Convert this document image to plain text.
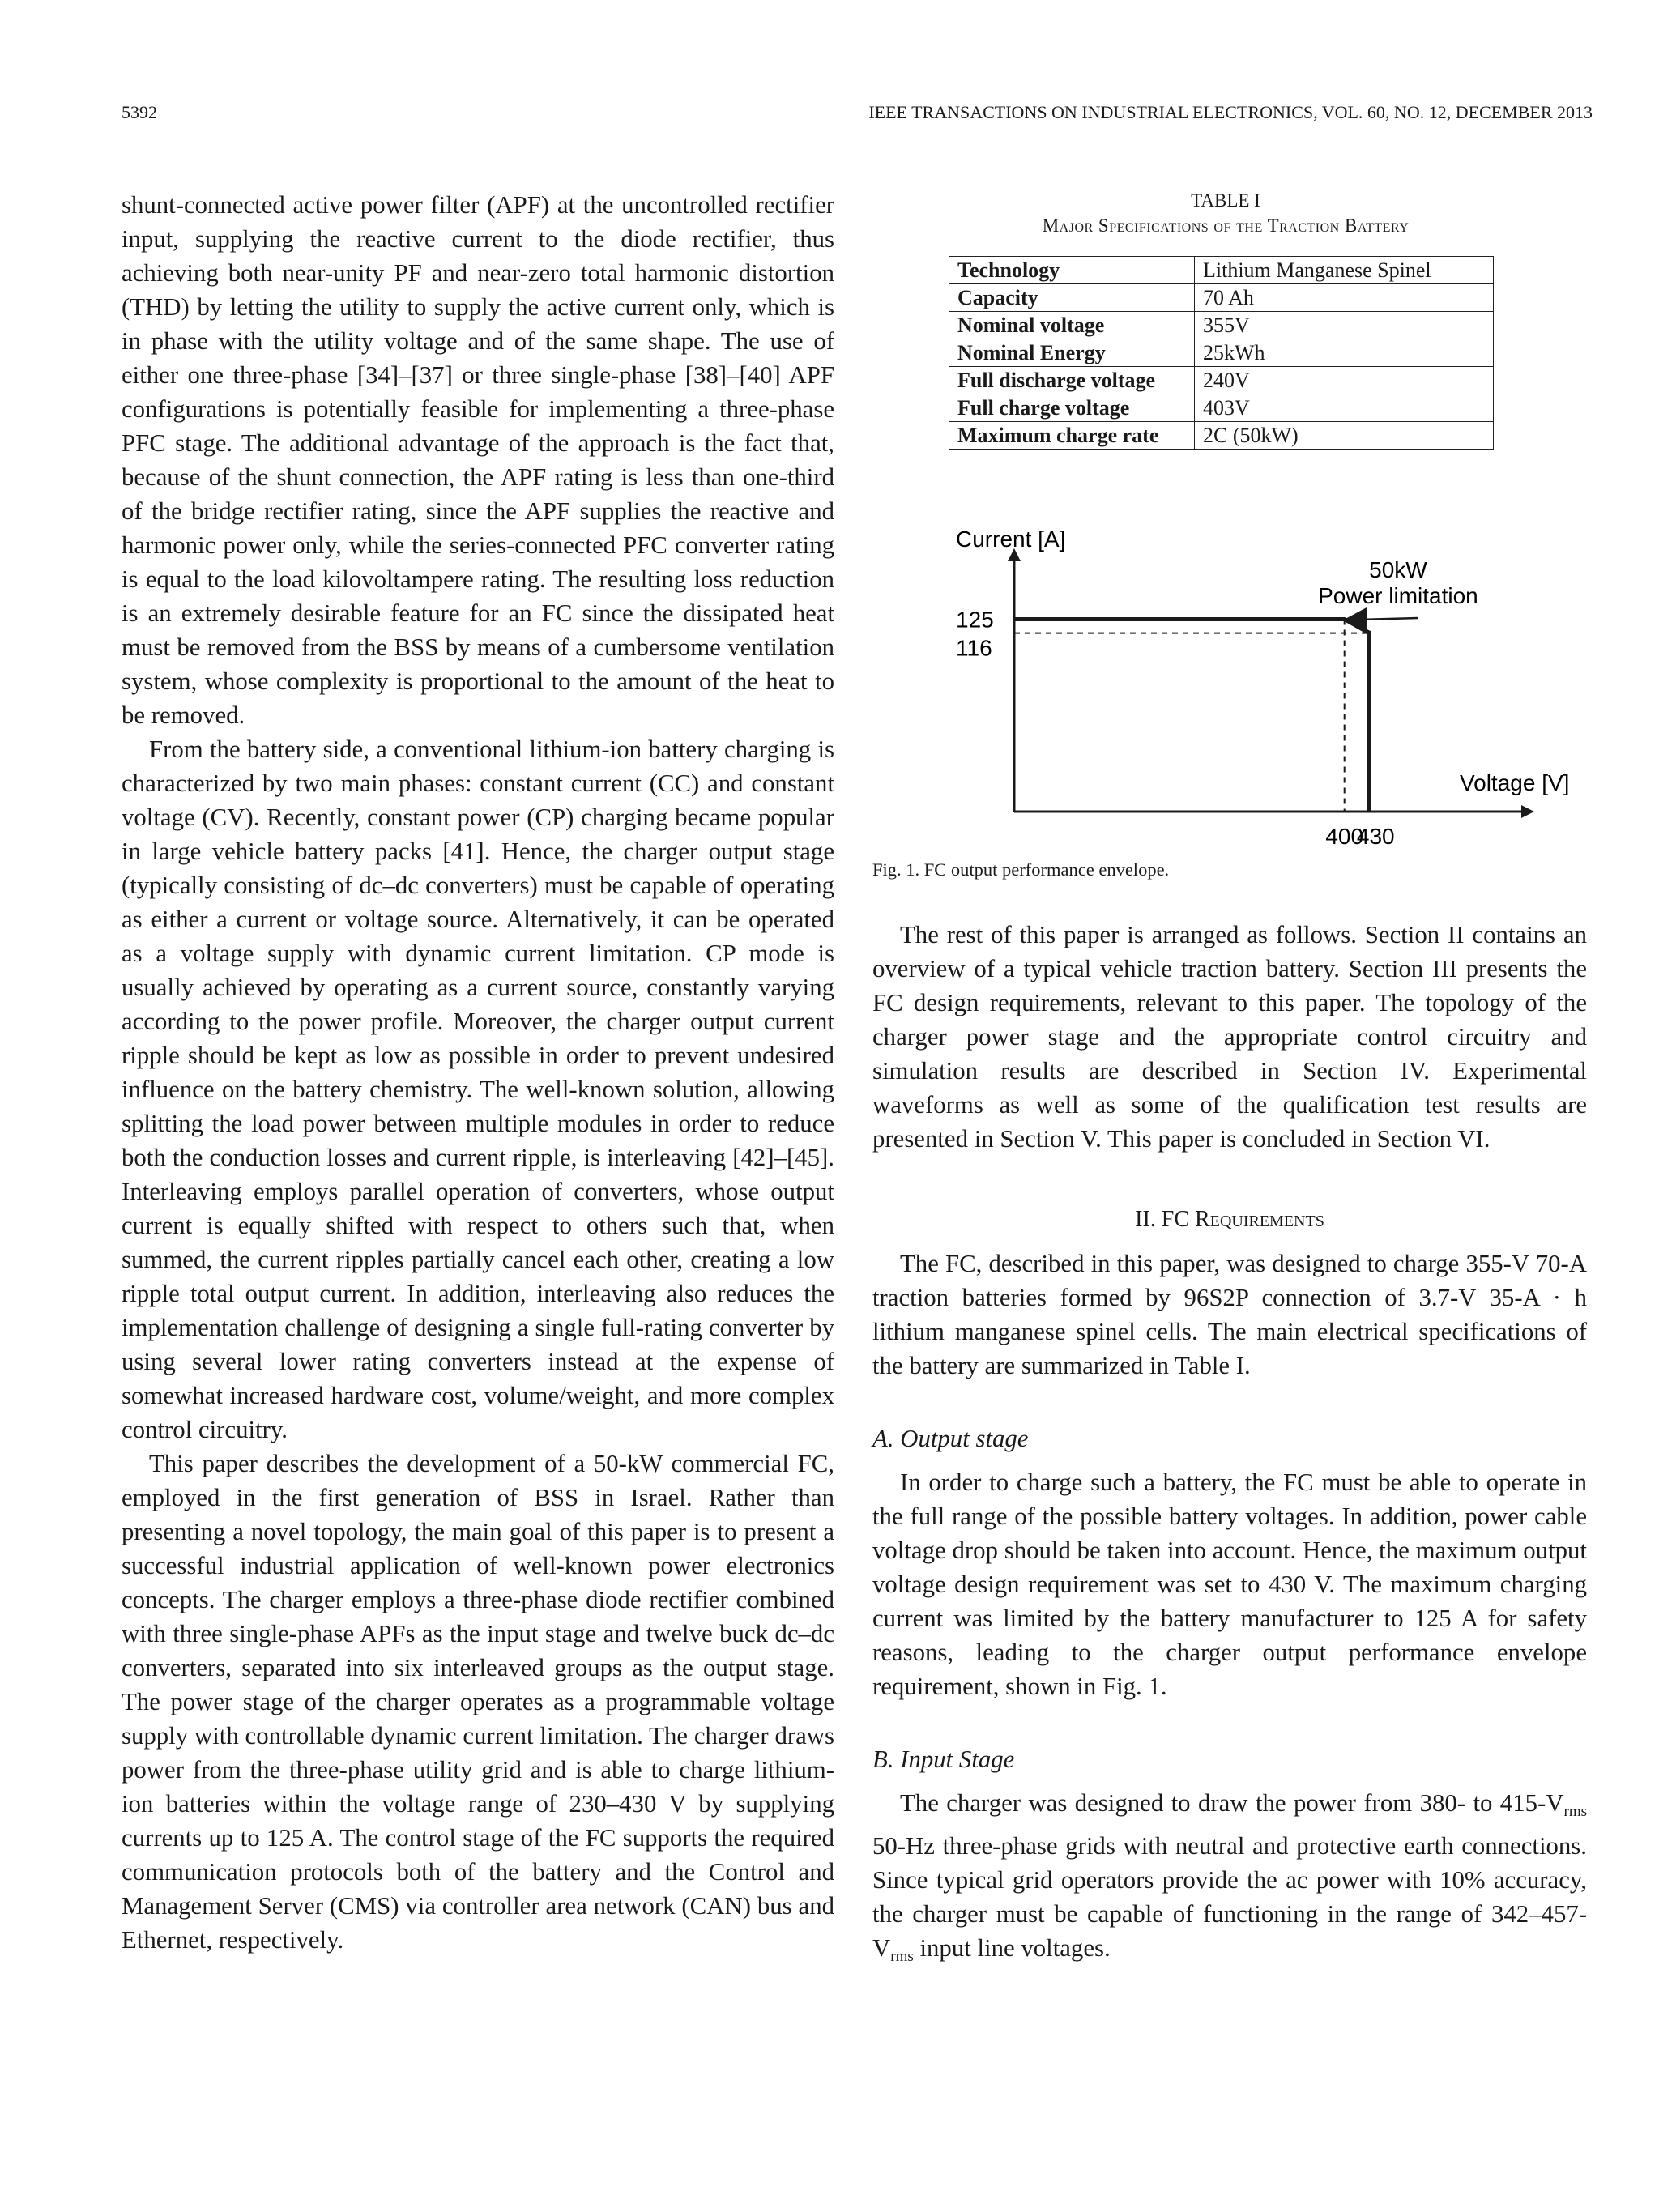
5392	IEEE TRANSACTIONS ON INDUSTRIAL ELECTRONICS, VOL. 60, NO. 12, DECEMBER 2013

shunt-connected active power filter (APF) at the uncontrolled rectifier input, supplying the reactive current to the diode rectifier, thus achieving both near-unity PF and near-zero total harmonic distortion (THD) by letting the utility to supply the active current only, which is in phase with the utility voltage and of the same shape. The use of either one three-phase [34]–[37] or three single-phase [38]–[40] APF configurations is potentially feasible for implementing a three-phase PFC stage. The additional advantage of the approach is the fact that, because of the shunt connection, the APF rating is less than one-third of the bridge rectifier rating, since the APF supplies the reactive and harmonic power only, while the series-connected PFC converter rating is equal to the load kilovoltampere rating. The resulting loss reduction is an extremely desirable feature for an FC since the dissipated heat must be removed from the BSS by means of a cumbersome ventilation system, whose complexity is proportional to the amount of the heat to be removed.

From the battery side, a conventional lithium-ion battery charging is characterized by two main phases: constant current (CC) and constant voltage (CV). Recently, constant power (CP) charging became popular in large vehicle battery packs [41]. Hence, the charger output stage (typically consisting of dc–dc converters) must be capable of operating as either a current or voltage source. Alternatively, it can be operated as a voltage supply with dynamic current limitation. CP mode is usually achieved by operating as a current source, constantly varying according to the power profile. Moreover, the charger output current ripple should be kept as low as possible in order to prevent undesired influence on the battery chemistry. The well-known solution, allowing splitting the load power between multiple modules in order to reduce both the conduction losses and current ripple, is interleaving [42]–[45]. Interleaving employs parallel operation of converters, whose output current is equally shifted with respect to others such that, when summed, the current ripples partially cancel each other, creating a low ripple total output current. In addition, interleaving also reduces the implementation challenge of designing a single full-rating converter by using several lower rating converters instead at the expense of somewhat increased hardware cost, volume/weight, and more complex control circuitry.

This paper describes the development of a 50-kW commercial FC, employed in the first generation of BSS in Israel. Rather than presenting a novel topology, the main goal of this paper is to present a successful industrial application of well-known power electronics concepts. The charger employs a three-phase diode rectifier combined with three single-phase APFs as the input stage and twelve buck dc–dc converters, separated into six interleaved groups as the output stage. The power stage of the charger operates as a programmable voltage supply with controllable dynamic current limitation. The charger draws power from the three-phase utility grid and is able to charge lithium-ion batteries within the voltage range of 230–430 V by supplying currents up to 125 A. The control stage of the FC supports the required communication protocols both of the battery and the Control and Management Server (CMS) via controller area network (CAN) bus and Ethernet, respectively.

TABLE I
Major Specifications of the Traction Battery
Technology	Lithium Manganese Spinel
Capacity	70 Ah
Nominal voltage	355V
Nominal Energy	25kWh
Full discharge voltage	240V
Full charge voltage	403V
Maximum charge rate	2C (50kW)
Current [A]
Voltage [V]
50kW
Power limitation
125
116
400
430

Fig. 1. FC output performance envelope.

The rest of this paper is arranged as follows. Section II contains an overview of a typical vehicle traction battery. Section III presents the FC design requirements, relevant to this paper. The topology of the charger power stage and the appropriate control circuitry and simulation results are described in Section IV. Experimental waveforms as well as some of the qualification test results are presented in Section V. This paper is concluded in Section VI.

II. FC Requirements

The FC, described in this paper, was designed to charge 355-V 70-A traction batteries formed by 96S2P connection of 3.7-V 35-A · h lithium manganese spinel cells. The main electrical specifications of the battery are summarized in Table I.

A. Output stage

In order to charge such a battery, the FC must be able to operate in the full range of the possible battery voltages. In addition, power cable voltage drop should be taken into account. Hence, the maximum output voltage design requirement was set to 430 V. The maximum charging current was limited by the battery manufacturer to 125 A for safety reasons, leading to the charger output performance envelope requirement, shown in Fig. 1.

B. Input Stage

The charger was designed to draw the power from 380- to $415-V_{rms}$ 50-Hz three-phase grids with neutral and protective earth connections. Since typical grid operators provide the ac power with 10% accuracy, the charger must be capable of functioning in the range of $342-457-V_{rms}$ input line voltages.
